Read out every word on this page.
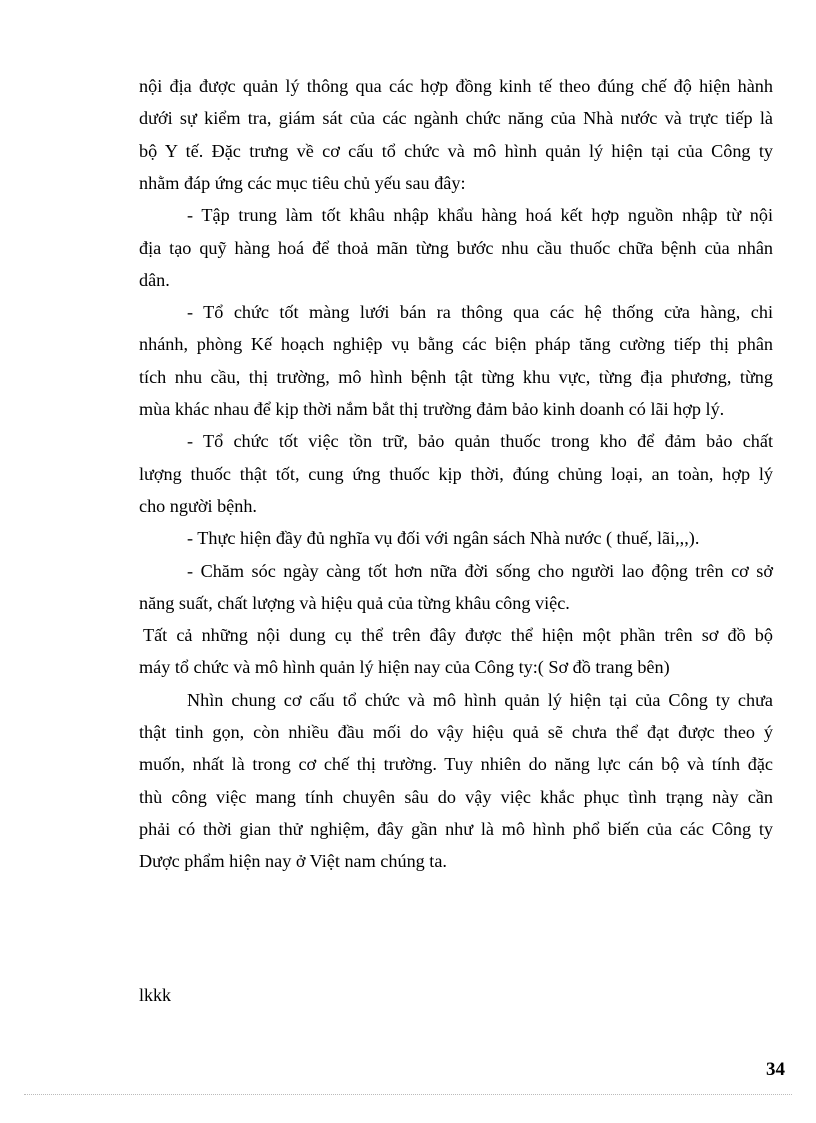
nội địa được quản lý thông qua các hợp đồng kinh tế theo đúng chế độ hiện hành
dưới sự kiểm tra, giám sát của các ngành chức năng của Nhà nước và trực tiếp là
bộ Y tế. Đặc trưng về cơ cấu tổ chức và mô hình quản lý hiện tại của Công ty
nhằm đáp ứng các mục tiêu chủ yếu sau đây:
- Tập trung làm tốt khâu nhập khẩu hàng hoá kết hợp nguồn nhập từ nội
địa tạo quỹ hàng hoá để thoả mãn từng bước nhu cầu thuốc chữa bệnh của nhân
dân.
- Tổ chức tốt màng lưới bán ra thông qua các hệ thống cửa hàng, chi
nhánh, phòng Kế hoạch nghiệp vụ bằng các biện pháp tăng cường tiếp thị phân
tích nhu cầu, thị trường, mô hình bệnh tật từng khu vực, từng địa phương, từng
mùa khác nhau để kịp thời nắm bắt thị trường đảm bảo kinh doanh có lãi hợp lý.
- Tổ chức tốt việc tồn trữ, bảo quản thuốc trong kho để đảm bảo chất
lượng thuốc thật tốt, cung ứng thuốc kịp thời, đúng chủng loại, an toàn, hợp lý
cho người bệnh.
- Thực hiện đầy đủ nghĩa vụ đối với ngân sách Nhà nước ( thuế, lãi,,,).
- Chăm sóc ngày càng tốt hơn nữa đời sống cho người lao động trên cơ sở
năng suất, chất lượng và hiệu quả của từng khâu công việc.
Tất cả những nội dung cụ thể trên đây được thể hiện một phần trên sơ đồ bộ
máy tổ chức và mô hình quản lý hiện nay của Công ty:( Sơ đồ trang bên)
Nhìn chung cơ cấu tổ chức và mô hình quản lý hiện tại của Công ty chưa
thật tinh gọn, còn nhiều đầu mối do vậy hiệu quả sẽ chưa thể đạt được theo ý
muốn, nhất là trong cơ chế thị trường. Tuy nhiên do năng lực cán bộ và tính đặc
thù công việc mang tính chuyên sâu do vậy việc khắc phục tình trạng này cần
phải có thời gian thử nghiệm, đây gần như là mô hình phổ biến của các Công ty
Dược phẩm hiện nay ở Việt nam chúng ta.
lkkk
34
